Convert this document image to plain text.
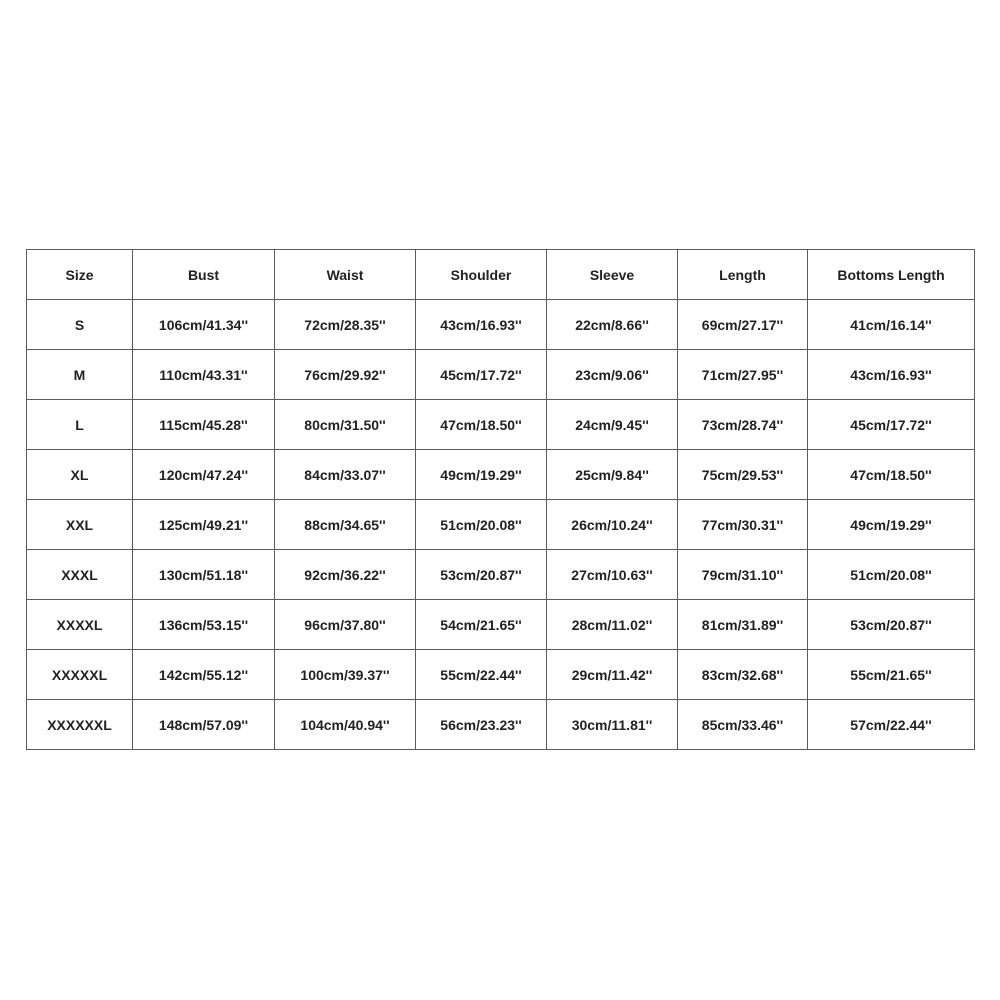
Size	Bust	Waist	Shoulder	Sleeve	Length	Bottoms Length
S	106cm/41.34''	72cm/28.35''	43cm/16.93''	22cm/8.66''	69cm/27.17''	41cm/16.14''
M	110cm/43.31''	76cm/29.92''	45cm/17.72''	23cm/9.06''	71cm/27.95''	43cm/16.93''
L	115cm/45.28''	80cm/31.50''	47cm/18.50''	24cm/9.45''	73cm/28.74''	45cm/17.72''
XL	120cm/47.24''	84cm/33.07''	49cm/19.29''	25cm/9.84''	75cm/29.53''	47cm/18.50''
XXL	125cm/49.21''	88cm/34.65''	51cm/20.08''	26cm/10.24''	77cm/30.31''	49cm/19.29''
XXXL	130cm/51.18''	92cm/36.22''	53cm/20.87''	27cm/10.63''	79cm/31.10''	51cm/20.08''
XXXXL	136cm/53.15''	96cm/37.80''	54cm/21.65''	28cm/11.02''	81cm/31.89''	53cm/20.87''
XXXXXL	142cm/55.12''	100cm/39.37''	55cm/22.44''	29cm/11.42''	83cm/32.68''	55cm/21.65''
XXXXXXL	148cm/57.09''	104cm/40.94''	56cm/23.23''	30cm/11.81''	85cm/33.46''	57cm/22.44''
